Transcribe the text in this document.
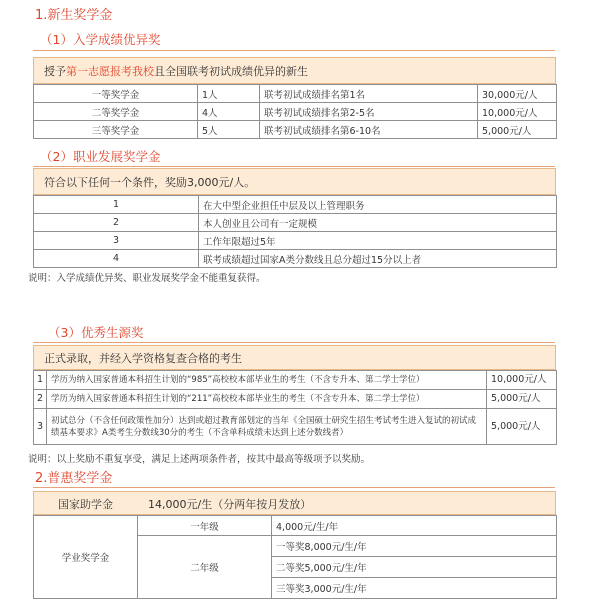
1.新生奖学金
（1）入学成绩优异奖
授予 第一志愿报考我校 且全国联考初试成绩优异的新生
一等奖学金	1人	联考初试成绩排名第1名	30,000元/人
二等奖学金	4人	联考初试成绩排名第2-5名	10,000元/人
三等奖学金	5人	联考初试成绩排名第6-10名	5,000元/人
（2）职业发展奖学金
符合以下任何一个条件，奖励3,000元/人。
1	在大中型企业担任中层及以上管理职务
2	本人创业且公司有一定规模
3	工作年限超过5年
4	联考成绩超过国家A类分数线且总分超过15分以上者
说明：入学成绩优异奖、职业发展奖学金不能重复获得。
（3）优秀生源奖
正式录取，并经入学资格复查合格的考生
1	学历为纳入国家普通本科招生计划的“985”高校校本部毕业生的考生（不含专升本、第二学士学位）	10,000元/人
2	学历为纳入国家普通本科招生计划的“211”高校校本部毕业生的考生（不含专升本、第二学士学位）	5,000元/人
3	初试总分（不含任何政策性加分）达到或超过教育部划定的当年《全国硕士研究生招生考试考生进入复试的初试成绩基本要求》A类考生分数线30分的考生（不含单科成绩未达到上述分数线者）	5,000元/人
说明：以上奖励不重复享受，满足上述两项条件者，按其中最高等级项予以奖励。
2.普惠奖学金
国家助学金	14,000元/生（分两年按月发放）
学业奖学金	一年级	4,000元/生/年
	二年级	一等奖8,000元/生/年
		二等奖5,000元/生/年
		三等奖3,000元/生/年
